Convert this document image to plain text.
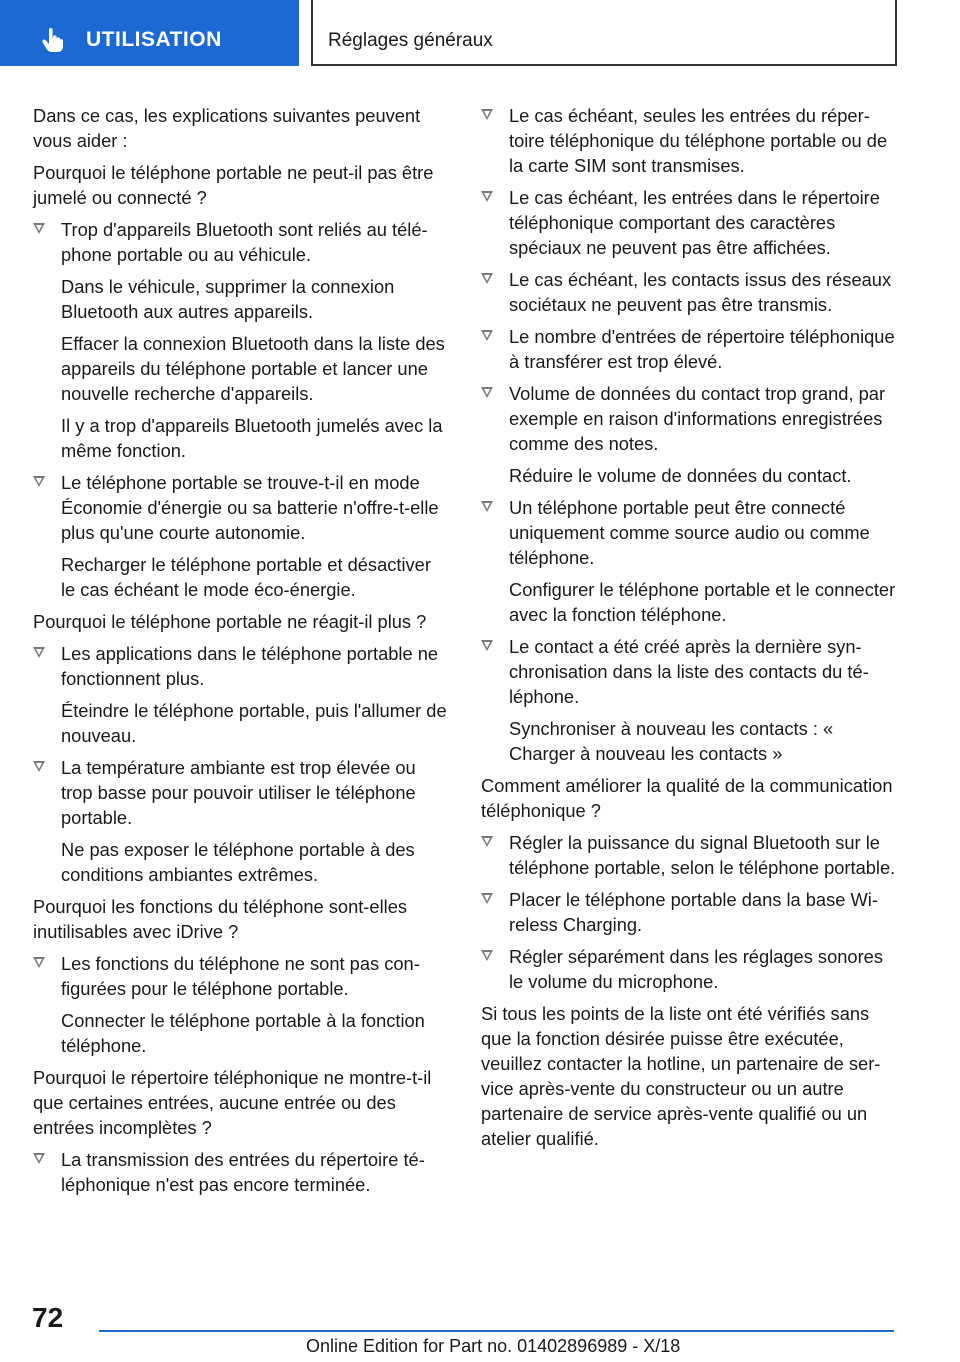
UTILISATION	Réglages généraux

Dans ce cas, les explications suivantes peuvent vous aider :

Pourquoi le téléphone portable ne peut-il pas être jumelé ou connecté ?

Trop d'appareils Bluetooth sont reliés au téléphone portable ou au véhicule.
Dans le véhicule, supprimer la connexion Bluetooth aux autres appareils.
Effacer la connexion Bluetooth dans la liste des appareils du téléphone portable et lancer une nouvelle recherche d'appareils.
Il y a trop d'appareils Bluetooth jumelés avec la même fonction.
Le téléphone portable se trouve-t-il en mode Économie d'énergie ou sa batterie n'offre-t-elle plus qu'une courte autonomie.
Recharger le téléphone portable et désactiver le cas échéant le mode éco-énergie.

Pourquoi le téléphone portable ne réagit-il plus ?

Les applications dans le téléphone portable ne fonctionnent plus.
Éteindre le téléphone portable, puis l'allumer de nouveau.
La température ambiante est trop élevée ou trop basse pour pouvoir utiliser le téléphone portable.
Ne pas exposer le téléphone portable à des conditions ambiantes extrêmes.

Pourquoi les fonctions du téléphone sont-elles inutilisables avec iDrive ?

Les fonctions du téléphone ne sont pas configurées pour le téléphone portable.
Connecter le téléphone portable à la fonction téléphone.

Pourquoi le répertoire téléphonique ne montre-t-il que certaines entrées, aucune entrée ou des entrées incomplètes ?

La transmission des entrées du répertoire téléphonique n'est pas encore terminée.
Le cas échéant, seules les entrées du répertoire téléphonique du téléphone portable ou de la carte SIM sont transmises.
Le cas échéant, les entrées dans le répertoire téléphonique comportant des caractères spéciaux ne peuvent pas être affichées.
Le cas échéant, les contacts issus des réseaux sociétaux ne peuvent pas être transmis.
Le nombre d'entrées de répertoire téléphonique à transférer est trop élevé.
Volume de données du contact trop grand, par exemple en raison d'informations enregistrées comme des notes.
Réduire le volume de données du contact.
Un téléphone portable peut être connecté uniquement comme source audio ou comme téléphone.
Configurer le téléphone portable et le connecter avec la fonction téléphone.
Le contact a été créé après la dernière synchronisation dans la liste des contacts du téléphone.
Synchroniser à nouveau les contacts : « Charger à nouveau les contacts »

Comment améliorer la qualité de la communication téléphonique ?

Régler la puissance du signal Bluetooth sur le téléphone portable, selon le téléphone portable.
Placer le téléphone portable dans la base Wireless Charging.
Régler séparément dans les réglages sonores le volume du microphone.

Si tous les points de la liste ont été vérifiés sans que la fonction désirée puisse être exécutée, veuillez contacter la hotline, un partenaire de service après-vente du constructeur ou un autre partenaire de service après-vente qualifié ou un atelier qualifié.

72
Online Edition for Part no. 01402896989 - X/18
